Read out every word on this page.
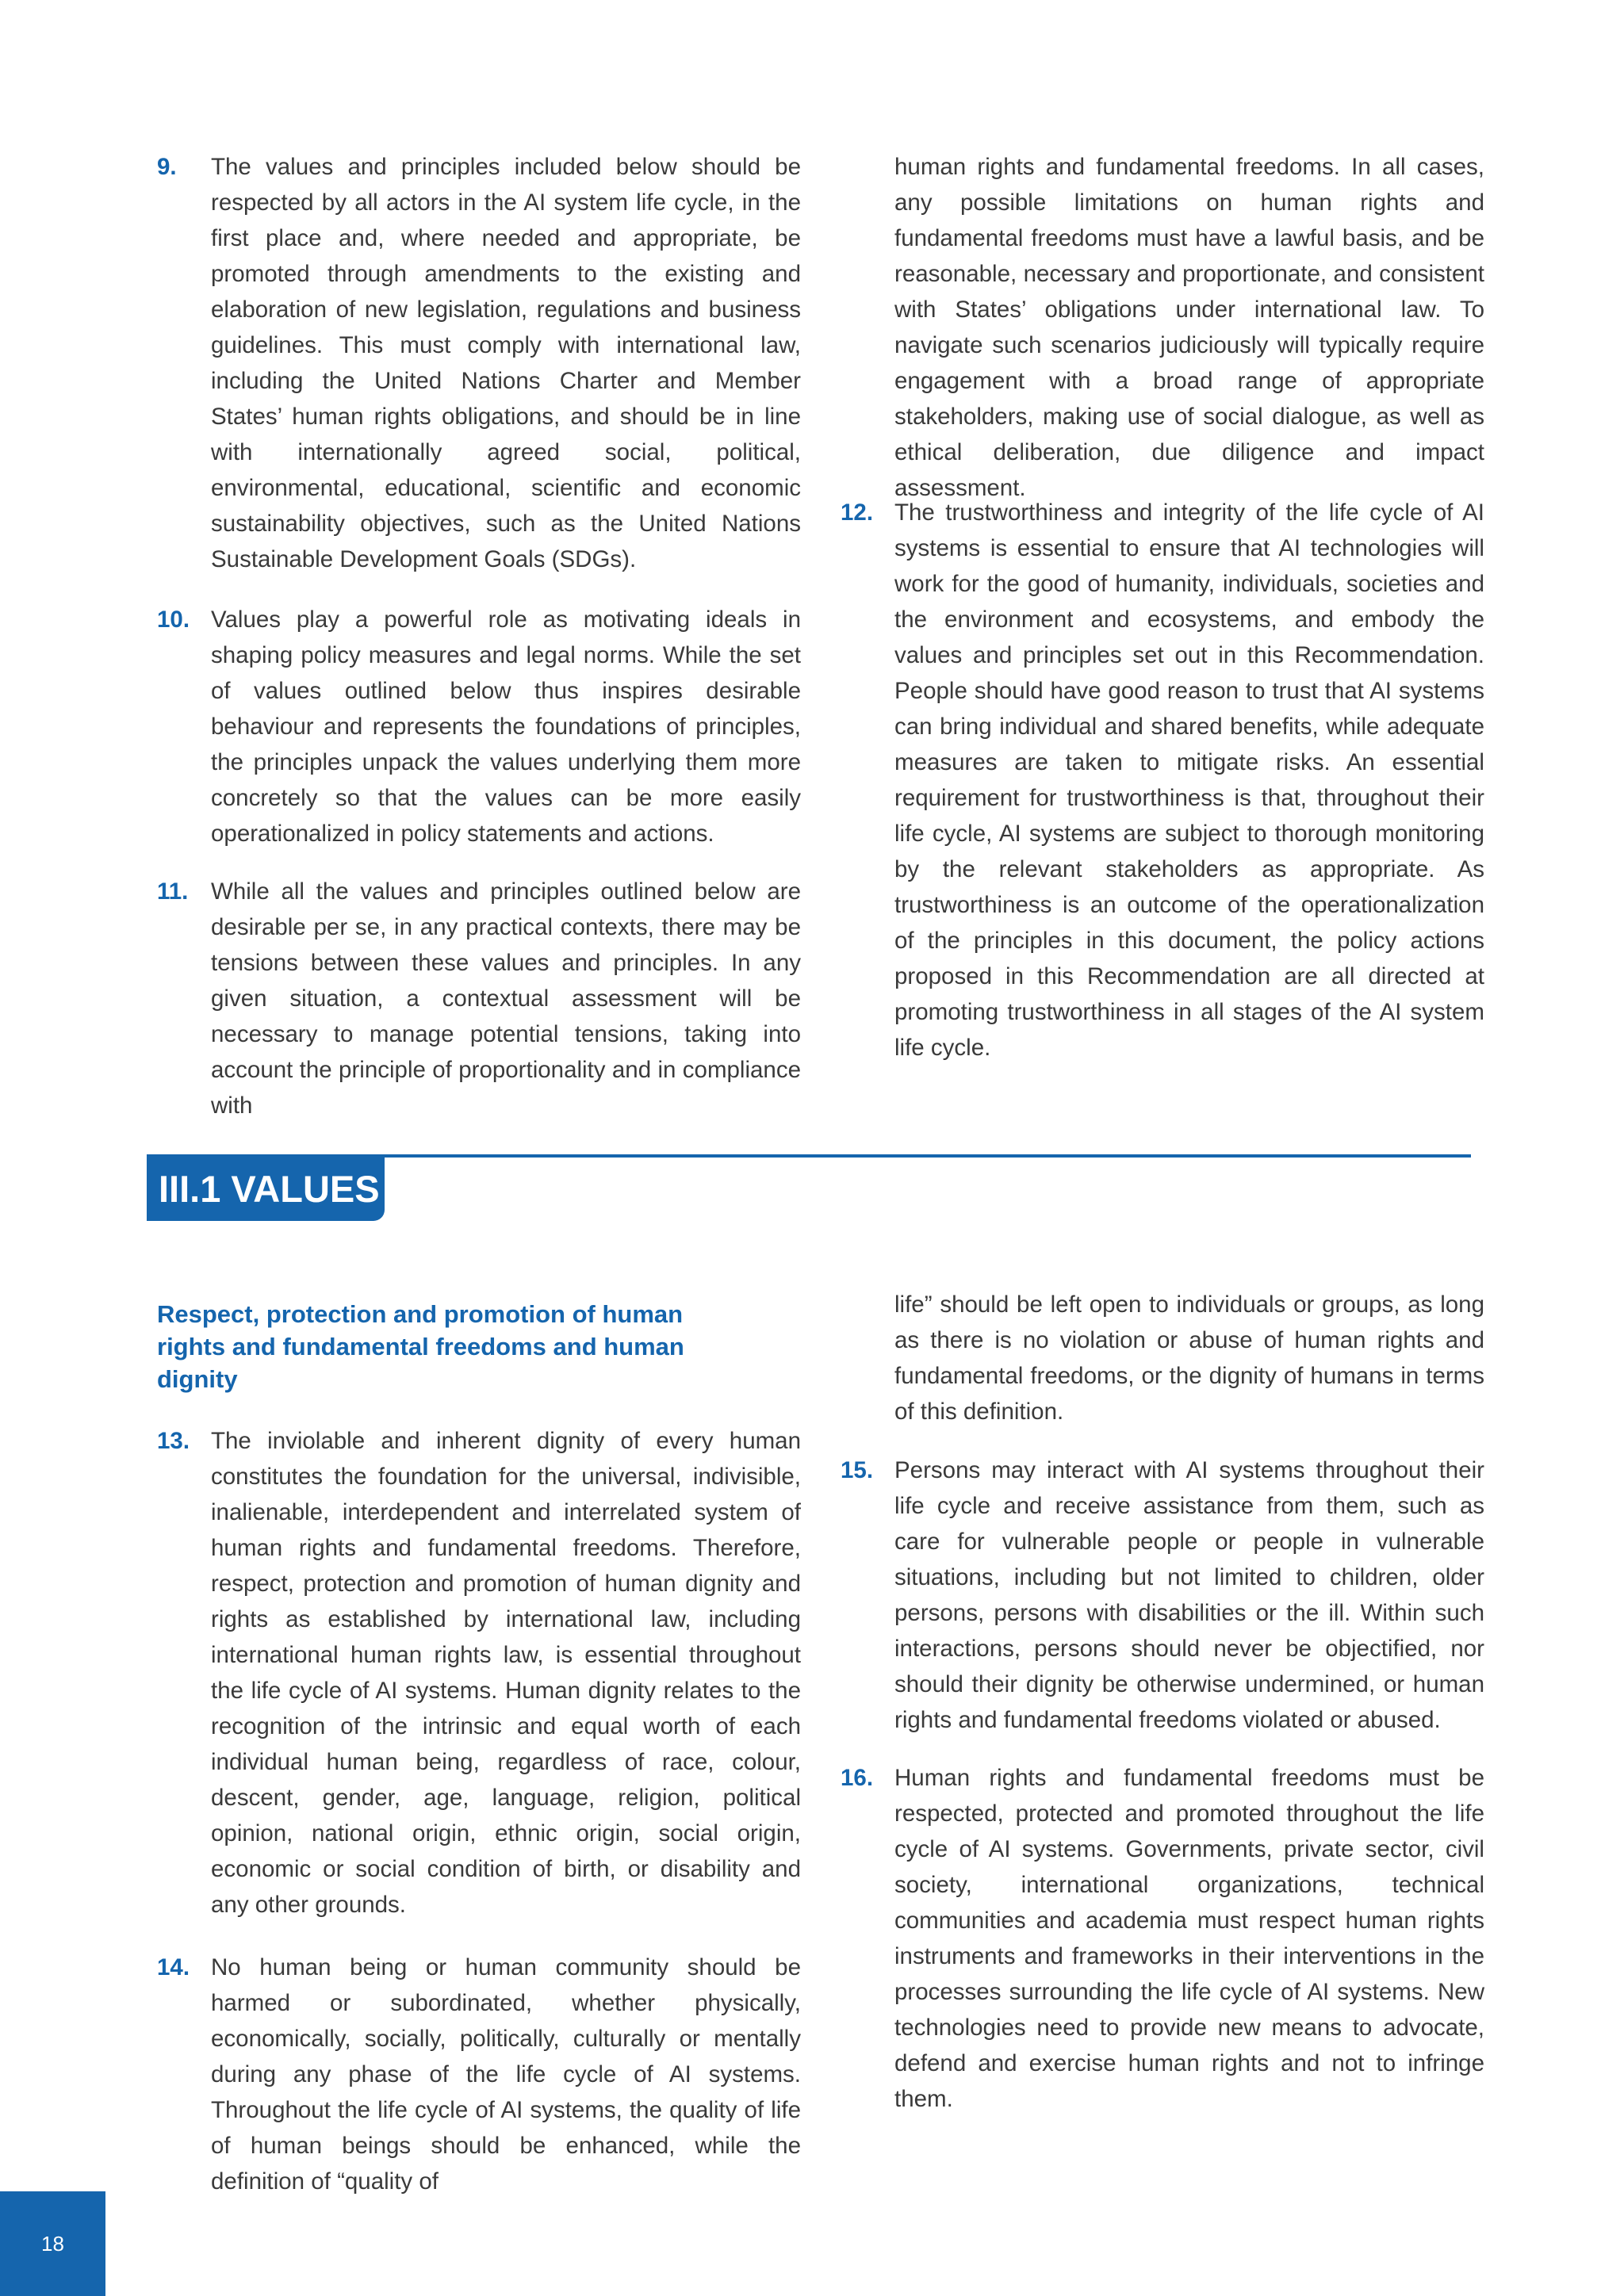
9. The values and principles included below should be respected by all actors in the AI system life cycle, in the first place and, where needed and appropriate, be promoted through amendments to the existing and elaboration of new legislation, regulations and business guidelines. This must comply with international law, including the United Nations Charter and Member States’ human rights obligations, and should be in line with internationally agreed social, political, environmental, educational, scientific and economic sustainability objectives, such as the United Nations Sustainable Development Goals (SDGs).
10. Values play a powerful role as motivating ideals in shaping policy measures and legal norms. While the set of values outlined below thus inspires desirable behaviour and represents the foundations of principles, the principles unpack the values underlying them more concretely so that the values can be more easily operationalized in policy statements and actions.
11. While all the values and principles outlined below are desirable per se, in any practical contexts, there may be tensions between these values and principles. In any given situation, a contextual assessment will be necessary to manage potential tensions, taking into account the principle of proportionality and in compliance with

human rights and fundamental freedoms. In all cases, any possible limitations on human rights and fundamental freedoms must have a lawful basis, and be reasonable, necessary and proportionate, and consistent with States’ obligations under international law. To navigate such scenarios judiciously will typically require engagement with a broad range of appropriate stakeholders, making use of social dialogue, as well as ethical deliberation, due diligence and impact assessment.

12. The trustworthiness and integrity of the life cycle of AI systems is essential to ensure that AI technologies will work for the good of humanity, individuals, societies and the environment and ecosystems, and embody the values and principles set out in this Recommendation. People should have good reason to trust that AI systems can bring individual and shared benefits, while adequate measures are taken to mitigate risks. An essential requirement for trustworthiness is that, throughout their life cycle, AI systems are subject to thorough monitoring by the relevant stakeholders as appropriate. As trustworthiness is an outcome of the operationalization of the principles in this document, the policy actions proposed in this Recommendation are all directed at promoting trustworthiness in all stages of the AI system life cycle.
III.1 VALUES
Respect, protection and promotion of human rights and fundamental freedoms and human dignity
13. The inviolable and inherent dignity of every human constitutes the foundation for the universal, indivisible, inalienable, interdependent and interrelated system of human rights and fundamental freedoms. Therefore, respect, protection and promotion of human dignity and rights as established by international law, including international human rights law, is essential throughout the life cycle of AI systems. Human dignity relates to the recognition of the intrinsic and equal worth of each individual human being, regardless of race, colour, descent, gender, age, language, religion, political opinion, national origin, ethnic origin, social origin, economic or social condition of birth, or disability and any other grounds.
14. No human being or human community should be harmed or subordinated, whether physically, economically, socially, politically, culturally or mentally during any phase of the life cycle of AI systems. Throughout the life cycle of AI systems, the quality of life of human beings should be enhanced, while the definition of “quality of

life” should be left open to individuals or groups, as long as there is no violation or abuse of human rights and fundamental freedoms, or the dignity of humans in terms of this definition.

15. Persons may interact with AI systems throughout their life cycle and receive assistance from them, such as care for vulnerable people or people in vulnerable situations, including but not limited to children, older persons, persons with disabilities or the ill. Within such interactions, persons should never be objectified, nor should their dignity be otherwise undermined, or human rights and fundamental freedoms violated or abused.
16. Human rights and fundamental freedoms must be respected, protected and promoted throughout the life cycle of AI systems. Governments, private sector, civil society, international organizations, technical communities and academia must respect human rights instruments and frameworks in their interventions in the processes surrounding the life cycle of AI systems. New technologies need to provide new means to advocate, defend and exercise human rights and not to infringe them.
18
